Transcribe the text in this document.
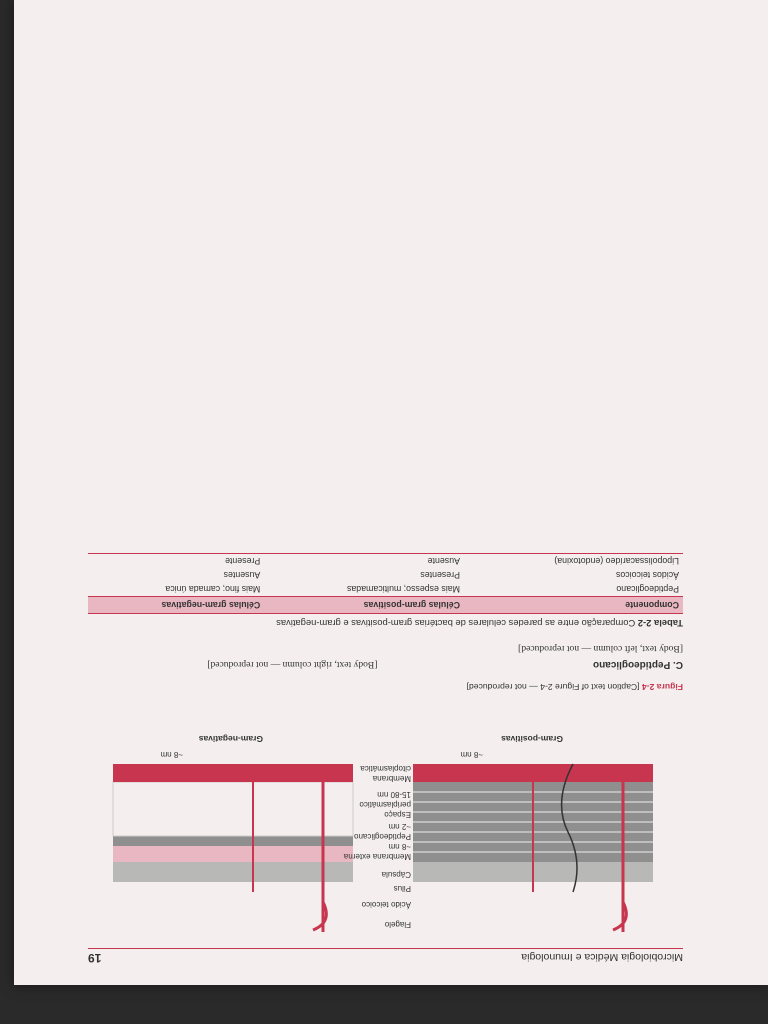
Microbiologia Médica e Imunologia
19
Flagelo
Ácido teicoico
Pilus
Cápsula
Membrana externa
~8 nm
Peptideoglicano
~2 nm
Espaço
periplasmático
15-80 nm
Membrana
citoplasmática
~8 nm
~8 nm
Gram-positivas
Gram-negativas
Figura 2-4 [Caption text of Figure 2-4 — not reproduced]
C. Peptideoglicano
[Body text, left column — not reproduced]
[Body text, right column — not reproduced]
Tabela 2-2 Comparação entre as paredes celulares de bactérias gram-positivas e gram-negativas
Componente	Células gram-positivas	Células gram-negativas
Peptideoglicano	Mais espesso; multicamadas	Mais fino; camada única
Ácidos teicoicos	Presentes	Ausentes
Lipopolissacarídeo (endotoxina)	Ausente	Presente
